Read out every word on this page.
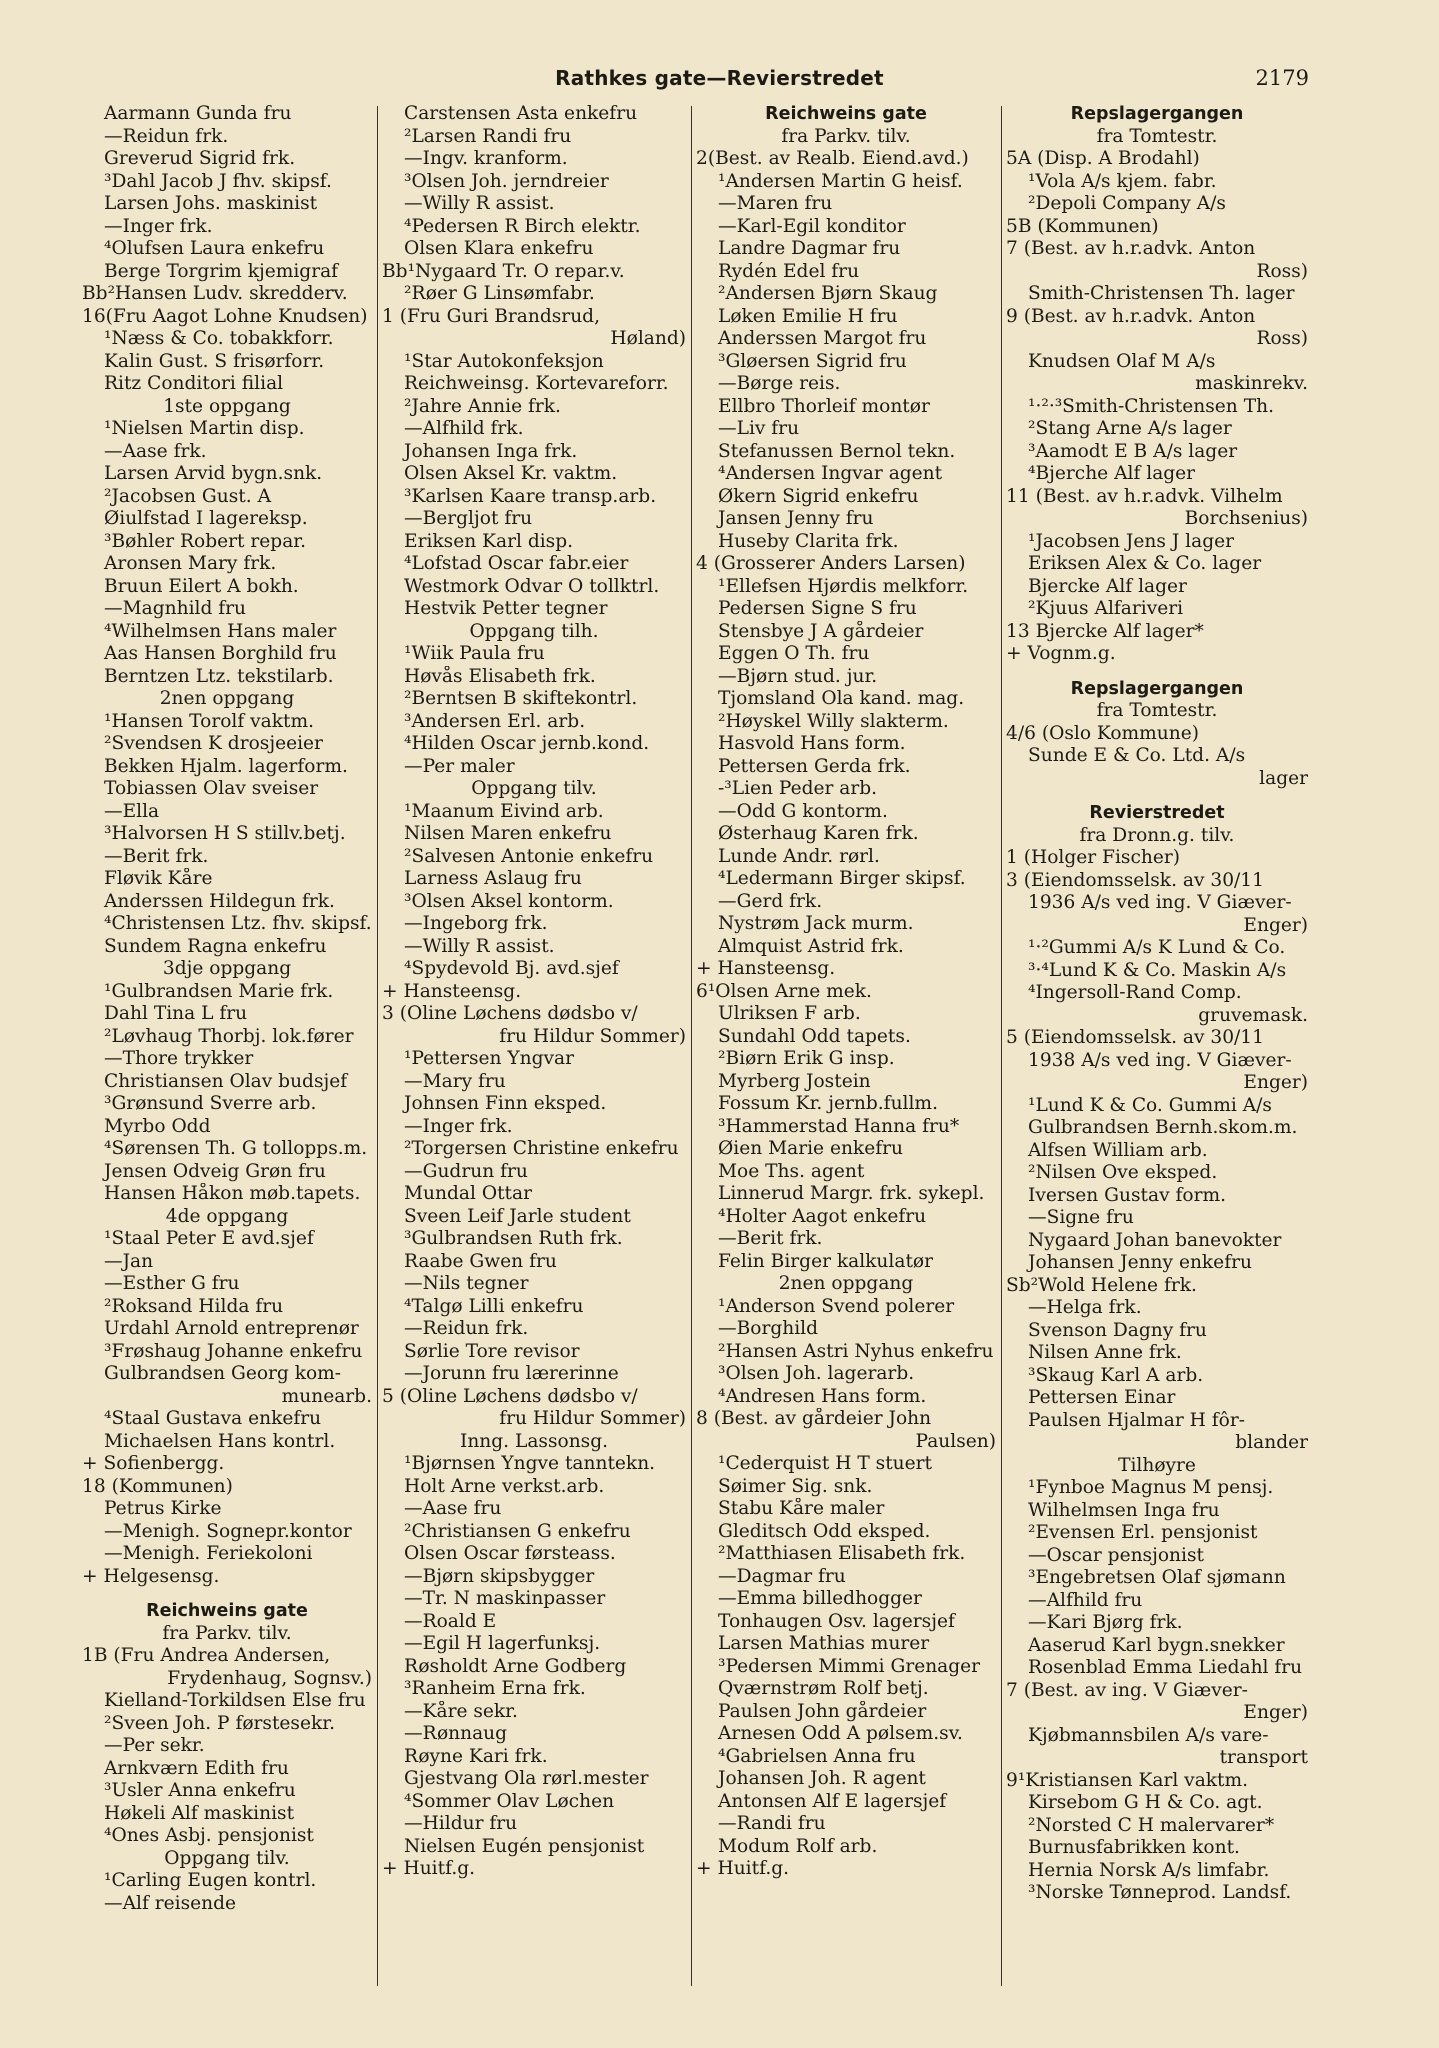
Rathkes gate—Revierstredet	2179
Aarmann Gunda fru
—Reidun frk.
Greverud Sigrid frk.
³Dahl Jacob J fhv. skipsf.
Larsen Johs. maskinist
—Inger frk.
⁴Olufsen Laura enkefru
Berge Torgrim kjemigraf
Bb²Hansen Ludv. skredderv.
16(Fru Aagot Lohne Knudsen)
¹Næss & Co. tobakkforr.
Kalin Gust. S frisørforr.
Ritz Conditori filial
1ste oppgang
¹Nielsen Martin disp.
—Aase frk.
Larsen Arvid bygn.snk.
²Jacobsen Gust. A
Øiulfstad I lagereksp.
³Bøhler Robert repar.
Aronsen Mary frk.
Bruun Eilert A bokh.
—Magnhild fru
⁴Wilhelmsen Hans maler
Aas Hansen Borghild fru
Berntzen Ltz. tekstilarb.
2nen oppgang
¹Hansen Torolf vaktm.
²Svendsen K drosjeeier
Bekken Hjalm. lagerform.
Tobiassen Olav sveiser
—Ella
³Halvorsen H S stillv.betj.
—Berit frk.
Fløvik Kåre
Anderssen Hildegun frk.
⁴Christensen Ltz. fhv. skipsf.
Sundem Ragna enkefru
3dje oppgang
¹Gulbrandsen Marie frk.
Dahl Tina L fru
²Løvhaug Thorbj. lok.fører
—Thore trykker
Christiansen Olav budsjef
³Grønsund Sverre arb.
Myrbo Odd
⁴Sørensen Th. G tollopps.m.
Jensen Odveig Grøn fru
Hansen Håkon møb.tapets.
4de oppgang
¹Staal Peter E avd.sjef
—Jan
—Esther G fru
²Roksand Hilda fru
Urdahl Arnold entreprenør
³Frøshaug Johanne enkefru
Gulbrandsen Georg kom-
munearb.
⁴Staal Gustava enkefru
Michaelsen Hans kontrl.
+ Sofienbergg.
18 (Kommunen)
Petrus Kirke
—Menigh. Sognepr.kontor
—Menigh. Feriekoloni
+ Helgesensg.
Reichweins gate
fra Parkv. tilv.
1B (Fru Andrea Andersen,
Frydenhaug, Sognsv.)
Kielland-Torkildsen Else fru
²Sveen Joh. P førstesekr.
—Per sekr.
Arnkværn Edith fru
³Usler Anna enkefru
Høkeli Alf maskinist
⁴Ones Asbj. pensjonist
Oppgang tilv.
¹Carling Eugen kontrl.
—Alf reisende
Carstensen Asta enkefru
²Larsen Randi fru
—Ingv. kranform.
³Olsen Joh. jerndreier
—Willy R assist.
⁴Pedersen R Birch elektr.
Olsen Klara enkefru
Bb¹Nygaard Tr. O repar.v.
²Røer G Linsømfabr.
1 (Fru Guri Brandsrud,
Høland)
¹Star Autokonfeksjon
Reichweinsg. Kortevareforr.
²Jahre Annie frk.
—Alfhild frk.
Johansen Inga frk.
Olsen Aksel Kr. vaktm.
³Karlsen Kaare transp.arb.
—Bergljot fru
Eriksen Karl disp.
⁴Lofstad Oscar fabr.eier
Westmork Odvar O tollktrl.
Hestvik Petter tegner
Oppgang tilh.
¹Wiik Paula fru
Høvås Elisabeth frk.
²Berntsen B skiftekontrl.
³Andersen Erl. arb.
⁴Hilden Oscar jernb.kond.
—Per maler
Oppgang tilv.
¹Maanum Eivind arb.
Nilsen Maren enkefru
²Salvesen Antonie enkefru
Larness Aslaug fru
³Olsen Aksel kontorm.
—Ingeborg frk.
—Willy R assist.
⁴Spydevold Bj. avd.sjef
+ Hansteensg.
3 (Oline Løchens dødsbo v/
fru Hildur Sommer)
¹Pettersen Yngvar
—Mary fru
Johnsen Finn eksped.
—Inger frk.
²Torgersen Christine enkefru
—Gudrun fru
Mundal Ottar
Sveen Leif Jarle student
³Gulbrandsen Ruth frk.
Raabe Gwen fru
—Nils tegner
⁴Talgø Lilli enkefru
—Reidun frk.
Sørlie Tore revisor
—Jorunn fru lærerinne
5 (Oline Løchens dødsbo v/
fru Hildur Sommer)
Inng. Lassonsg.
¹Bjørnsen Yngve tanntekn.
Holt Arne verkst.arb.
—Aase fru
²Christiansen G enkefru
Olsen Oscar førsteass.
—Bjørn skipsbygger
—Tr. N maskinpasser
—Roald E
—Egil H lagerfunksj.
Røsholdt Arne Godberg
³Ranheim Erna frk.
—Kåre sekr.
—Rønnaug
Røyne Kari frk.
Gjestvang Ola rørl.mester
⁴Sommer Olav Løchen
—Hildur fru
Nielsen Eugén pensjonist
+ Huitf.g.
Reichweins gate
fra Parkv. tilv.
2(Best. av Realb. Eiend.avd.)
¹Andersen Martin G heisf.
—Maren fru
—Karl-Egil konditor
Landre Dagmar fru
Rydén Edel fru
²Andersen Bjørn Skaug
Løken Emilie H fru
Anderssen Margot fru
³Gløersen Sigrid fru
—Børge reis.
Ellbro Thorleif montør
—Liv fru
Stefanussen Bernol tekn.
⁴Andersen Ingvar agent
Økern Sigrid enkefru
Jansen Jenny fru
Huseby Clarita frk.
4 (Grosserer Anders Larsen)
¹Ellefsen Hjørdis melkforr.
Pedersen Signe S fru
Stensbye J A gårdeier
Eggen O Th. fru
—Bjørn stud. jur.
Tjomsland Ola kand. mag.
²Høyskel Willy slakterm.
Hasvold Hans form.
Pettersen Gerda frk.
-³Lien Peder arb.
—Odd G kontorm.
Østerhaug Karen frk.
Lunde Andr. rørl.
⁴Ledermann Birger skipsf.
—Gerd frk.
Nystrøm Jack murm.
Almquist Astrid frk.
+ Hansteensg.
6¹Olsen Arne mek.
Ulriksen F arb.
Sundahl Odd tapets.
²Biørn Erik G insp.
Myrberg Jostein
Fossum Kr. jernb.fullm.
³Hammerstad Hanna fru*
Øien Marie enkefru
Moe Ths. agent
Linnerud Margr. frk. sykepl.
⁴Holter Aagot enkefru
—Berit frk.
Felin Birger kalkulatør
2nen oppgang
¹Anderson Svend polerer
—Borghild
²Hansen Astri Nyhus enkefru
³Olsen Joh. lagerarb.
⁴Andresen Hans form.
8 (Best. av gårdeier John
Paulsen)
¹Cederquist H T stuert
Søimer Sig. snk.
Stabu Kåre maler
Gleditsch Odd eksped.
²Matthiasen Elisabeth frk.
—Dagmar fru
—Emma billedhogger
Tonhaugen Osv. lagersjef
Larsen Mathias murer
³Pedersen Mimmi Grenager
Qværnstrøm Rolf betj.
Paulsen John gårdeier
Arnesen Odd A pølsem.sv.
⁴Gabrielsen Anna fru
Johansen Joh. R agent
Antonsen Alf E lagersjef
—Randi fru
Modum Rolf arb.
+ Huitf.g.
Repslagergangen
fra Tomtestr.
5A (Disp. A Brodahl)
¹Vola A/s kjem. fabr.
²Depoli Company A/s
5B (Kommunen)
7 (Best. av h.r.advk. Anton
Ross)
Smith-Christensen Th. lager
9 (Best. av h.r.advk. Anton
Ross)
Knudsen Olaf M A/s
maskinrekv.
¹·²·³Smith-Christensen Th.
²Stang Arne A/s lager
³Aamodt E B A/s lager
⁴Bjerche Alf lager
11 (Best. av h.r.advk. Vilhelm
Borchsenius)
¹Jacobsen Jens J lager
Eriksen Alex & Co. lager
Bjercke Alf lager
²Kjuus Alfariveri
13 Bjercke Alf lager*
+ Vognm.g.
Repslagergangen
fra Tomtestr.
4/6 (Oslo Kommune)
Sunde E & Co. Ltd. A/s
lager
Revierstredet
fra Dronn.g. tilv.
1 (Holger Fischer)
3 (Eiendomsselsk. av 30/11
1936 A/s ved ing. V Giæver-
Enger)
¹·²Gummi A/s K Lund & Co.
³·⁴Lund K & Co. Maskin A/s
⁴Ingersoll-Rand Comp.
gruvemask.
5 (Eiendomsselsk. av 30/11
1938 A/s ved ing. V Giæver-
Enger)
¹Lund K & Co. Gummi A/s
Gulbrandsen Bernh.skom.m.
Alfsen William arb.
²Nilsen Ove eksped.
Iversen Gustav form.
—Signe fru
Nygaard Johan banevokter
Johansen Jenny enkefru
Sb²Wold Helene frk.
—Helga frk.
Svenson Dagny fru
Nilsen Anne frk.
³Skaug Karl A arb.
Pettersen Einar
Paulsen Hjalmar H fôr-
blander
Tilhøyre
¹Fynboe Magnus M pensj.
Wilhelmsen Inga fru
²Evensen Erl. pensjonist
—Oscar pensjonist
³Engebretsen Olaf sjømann
—Alfhild fru
—Kari Bjørg frk.
Aaserud Karl bygn.snekker
Rosenblad Emma Liedahl fru
7 (Best. av ing. V Giæver-
Enger)
Kjøbmannsbilen A/s vare-
transport
9¹Kristiansen Karl vaktm.
Kirsebom G H & Co. agt.
²Norsted C H malervarer*
Burnusfabrikken kont.
Hernia Norsk A/s limfabr.
³Norske Tønneprod. Landsf.
